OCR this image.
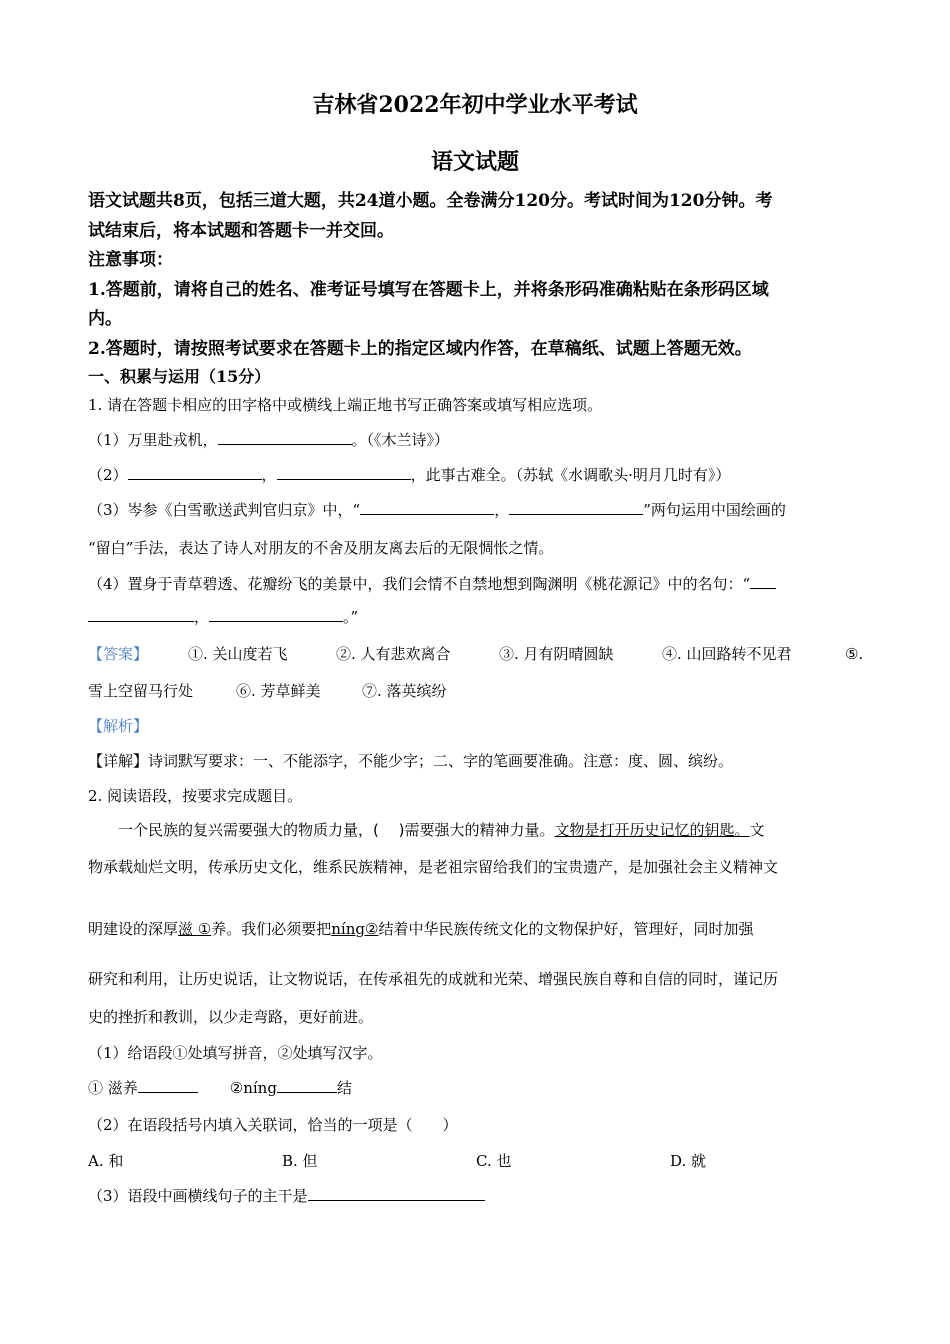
吉林省2022年初中学业水平考试
语文试题
语文试题共8页，包括三道大题，共24道小题。全卷满分120分。考试时间为120分钟。考
试结束后，将本试题和答题卡一并交回。
注意事项：
1.答题前，请将自己的姓名、准考证号填写在答题卡上，并将条形码准确粘贴在条形码区域
内。
2.答题时，请按照考试要求在答题卡上的指定区域内作答，在草稿纸、试题上答题无效。
一、积累与运用（15分）
1. 请在答题卡相应的田字格中或横线上端正地书写正确答案或填写相应选项。
（1）万里赴戎机，	。（《木兰诗》）
（2）	，	，此事古难全。（苏轼《水调歌头·明月几时有》）
（3）岑参《白雪歌送武判官归京》中，“	，	”两句运用中国绘画的
“留白”手法，表达了诗人对朋友的不舍及朋友离去后的无限惆怅之情。
（4）置身于青草碧透、花瓣纷飞的美景中，我们会情不自禁地想到陶渊明《桃花源记》中的名句：“
，	。”
【答案】	①. 关山度若飞	②. 人有悲欢离合	③. 月有阴晴圆缺	④. 山回路转不见君	⑤.
雪上空留马行处	⑥. 芳草鲜美	⑦. 落英缤纷
【解析】
【详解】诗词默写要求：一、不能添字，不能少字；二、字的笔画要准确。注意：度、圆、缤纷。
2. 阅读语段，按要求完成题目。
一个民族的复兴需要强大的物质力量，(　 )需要强大的精神力量。文物是打开历史记忆的钥匙。文
物承载灿烂文明，传承历史文化，维系民族精神，是老祖宗留给我们的宝贵遗产，是加强社会主义精神文
明建设的深厚滋 ①养。我们必须要把níng②结着中华民族传统文化的文物保护好，管理好，同时加强
研究和利用，让历史说话，让文物说话，在传承祖先的成就和光荣、增强民族自尊和自信的同时，谨记历
史的挫折和教训，以少走弯路，更好前进。
（1）给语段①处填写拼音，②处填写汉字。
① 滋养	②níng	结
（2）在语段括号内填入关联词，恰当的一项是（　　）
A. 和	B. 但	C. 也	D. 就
（3）语段中画横线句子的主干是
